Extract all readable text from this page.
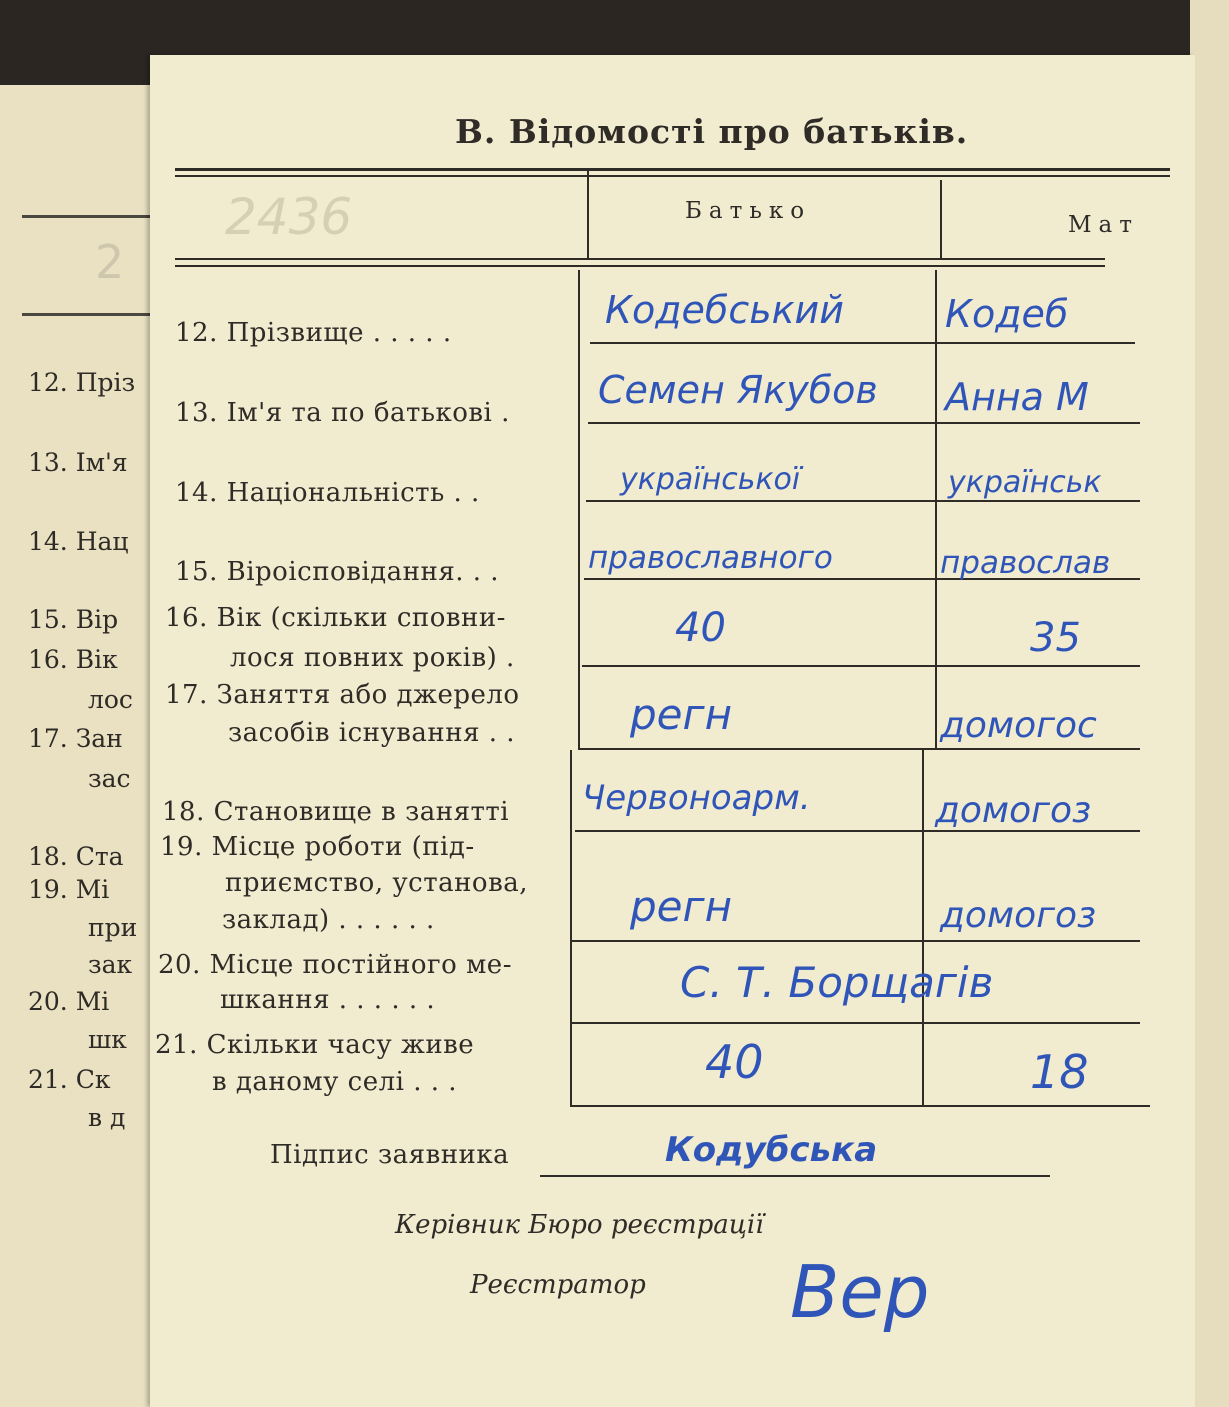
2
12. Пріз
13. Ім'я
14. Нац
15. Вір
16. Вік
лос
17. Зан
зас
18. Ста
19. Мі
при
зак
20. Мі
шк
21. Ск
в д
В. Відомості про батьків.
2436	Батько
Мат
12. Прізвище . . . . .
13. Ім'я та по батькові .
14. Національність . .
15. Віроісповідання. . .
16. Вік (скільки сповни-
лося повних років) .
17. Заняття або джерело
засобів існування . .
18. Становище в занятті
19. Місце роботи (під-
приємство, установа,
заклад) . . . . . .
20. Місце постійного ме-
шкання . . . . . .
21. Скільки часу живе
в даному селі . . .
Кодебський
Семен Якубов
української
православного
40
регн
Червоноарм.
регн
С. Т. Борщагів
40
Кодеб
Анна М
українськ
православ
35
домогос
домогоз
домогоз
18
Підпис заявника	Кодубська
Керівник Бюро реєстрації
Реєстратор Вер
